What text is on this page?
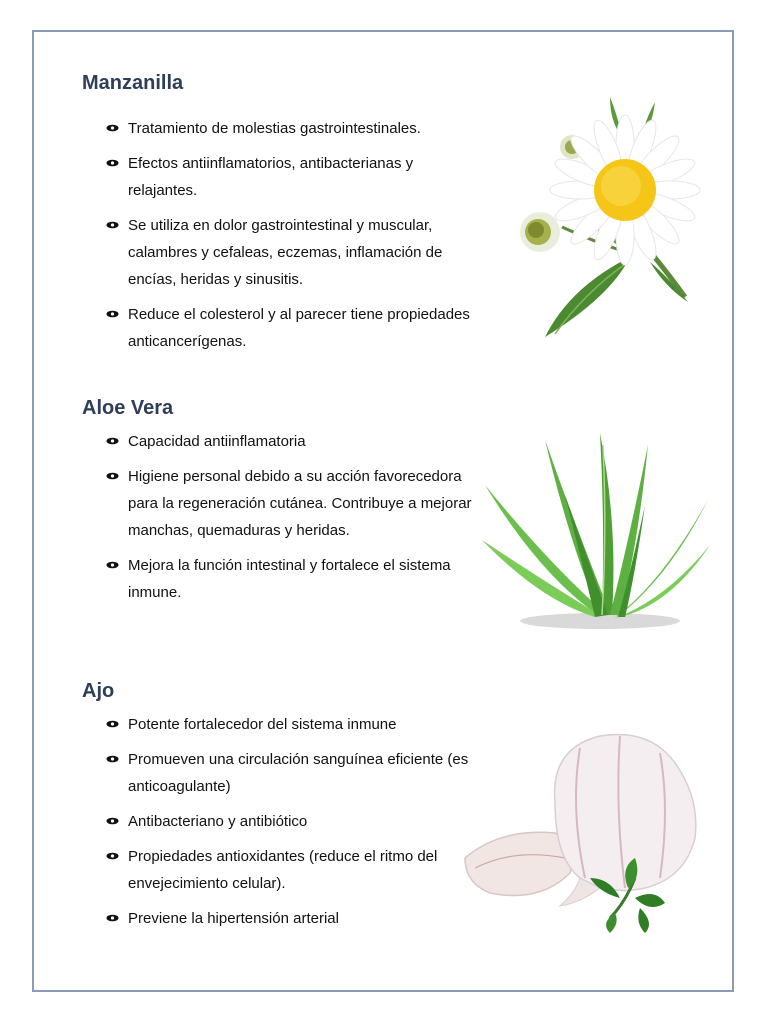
Manzanilla
Tratamiento de molestias gastrointestinales.
Efectos antiinflamatorios, antibacterianas y relajantes.
Se utiliza en dolor gastrointestinal y muscular, calambres y cefaleas, eczemas, inflamación de encías, heridas y sinusitis.
Reduce el colesterol y al parecer tiene propiedades anticancerígenas.
Aloe Vera
Capacidad antiinflamatoria
Higiene personal debido a su acción favorecedora para la regeneración cutánea. Contribuye a mejorar manchas, quemaduras y heridas.
Mejora la función intestinal y fortalece el sistema inmune.
Ajo
Potente fortalecedor del sistema inmune
Promueven una circulación sanguínea eficiente (es anticoagulante)
Antibacteriano y antibiótico
Propiedades antioxidantes (reduce el ritmo del envejecimiento celular).
Previene la hipertensión arterial
